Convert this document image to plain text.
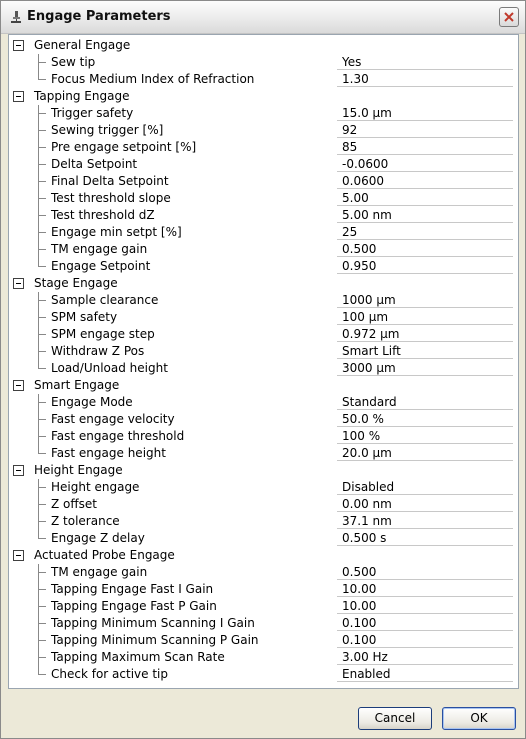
Engage Parameters
General Engage
Sew tip	Yes
Focus Medium Index of Refraction	1.30
Tapping Engage
Trigger safety	15.0 µm
Sewing trigger [%]	92
Pre engage setpoint [%]	85
Delta Setpoint	-0.0600
Final Delta Setpoint	0.0600
Test threshold slope	5.00
Test threshold dZ	5.00 nm
Engage min setpt [%]	25
TM engage gain	0.500
Engage Setpoint	0.950
Stage Engage
Sample clearance	1000 µm
SPM safety	100 µm
SPM engage step	0.972 µm
Withdraw Z Pos	Smart Lift
Load/Unload height	3000 µm
Smart Engage
Engage Mode	Standard
Fast engage velocity	50.0 %
Fast engage threshold	100 %
Fast engage height	20.0 µm
Height Engage
Height engage	Disabled
Z offset	0.00 nm
Z tolerance	37.1 nm
Engage Z delay	0.500 s
Actuated Probe Engage
TM engage gain	0.500
Tapping Engage Fast I Gain	10.00
Tapping Engage Fast P Gain	10.00
Tapping Minimum Scanning I Gain	0.100
Tapping Minimum Scanning P Gain	0.100
Tapping Maximum Scan Rate	3.00 Hz
Check for active tip	Enabled
Cancel	OK
